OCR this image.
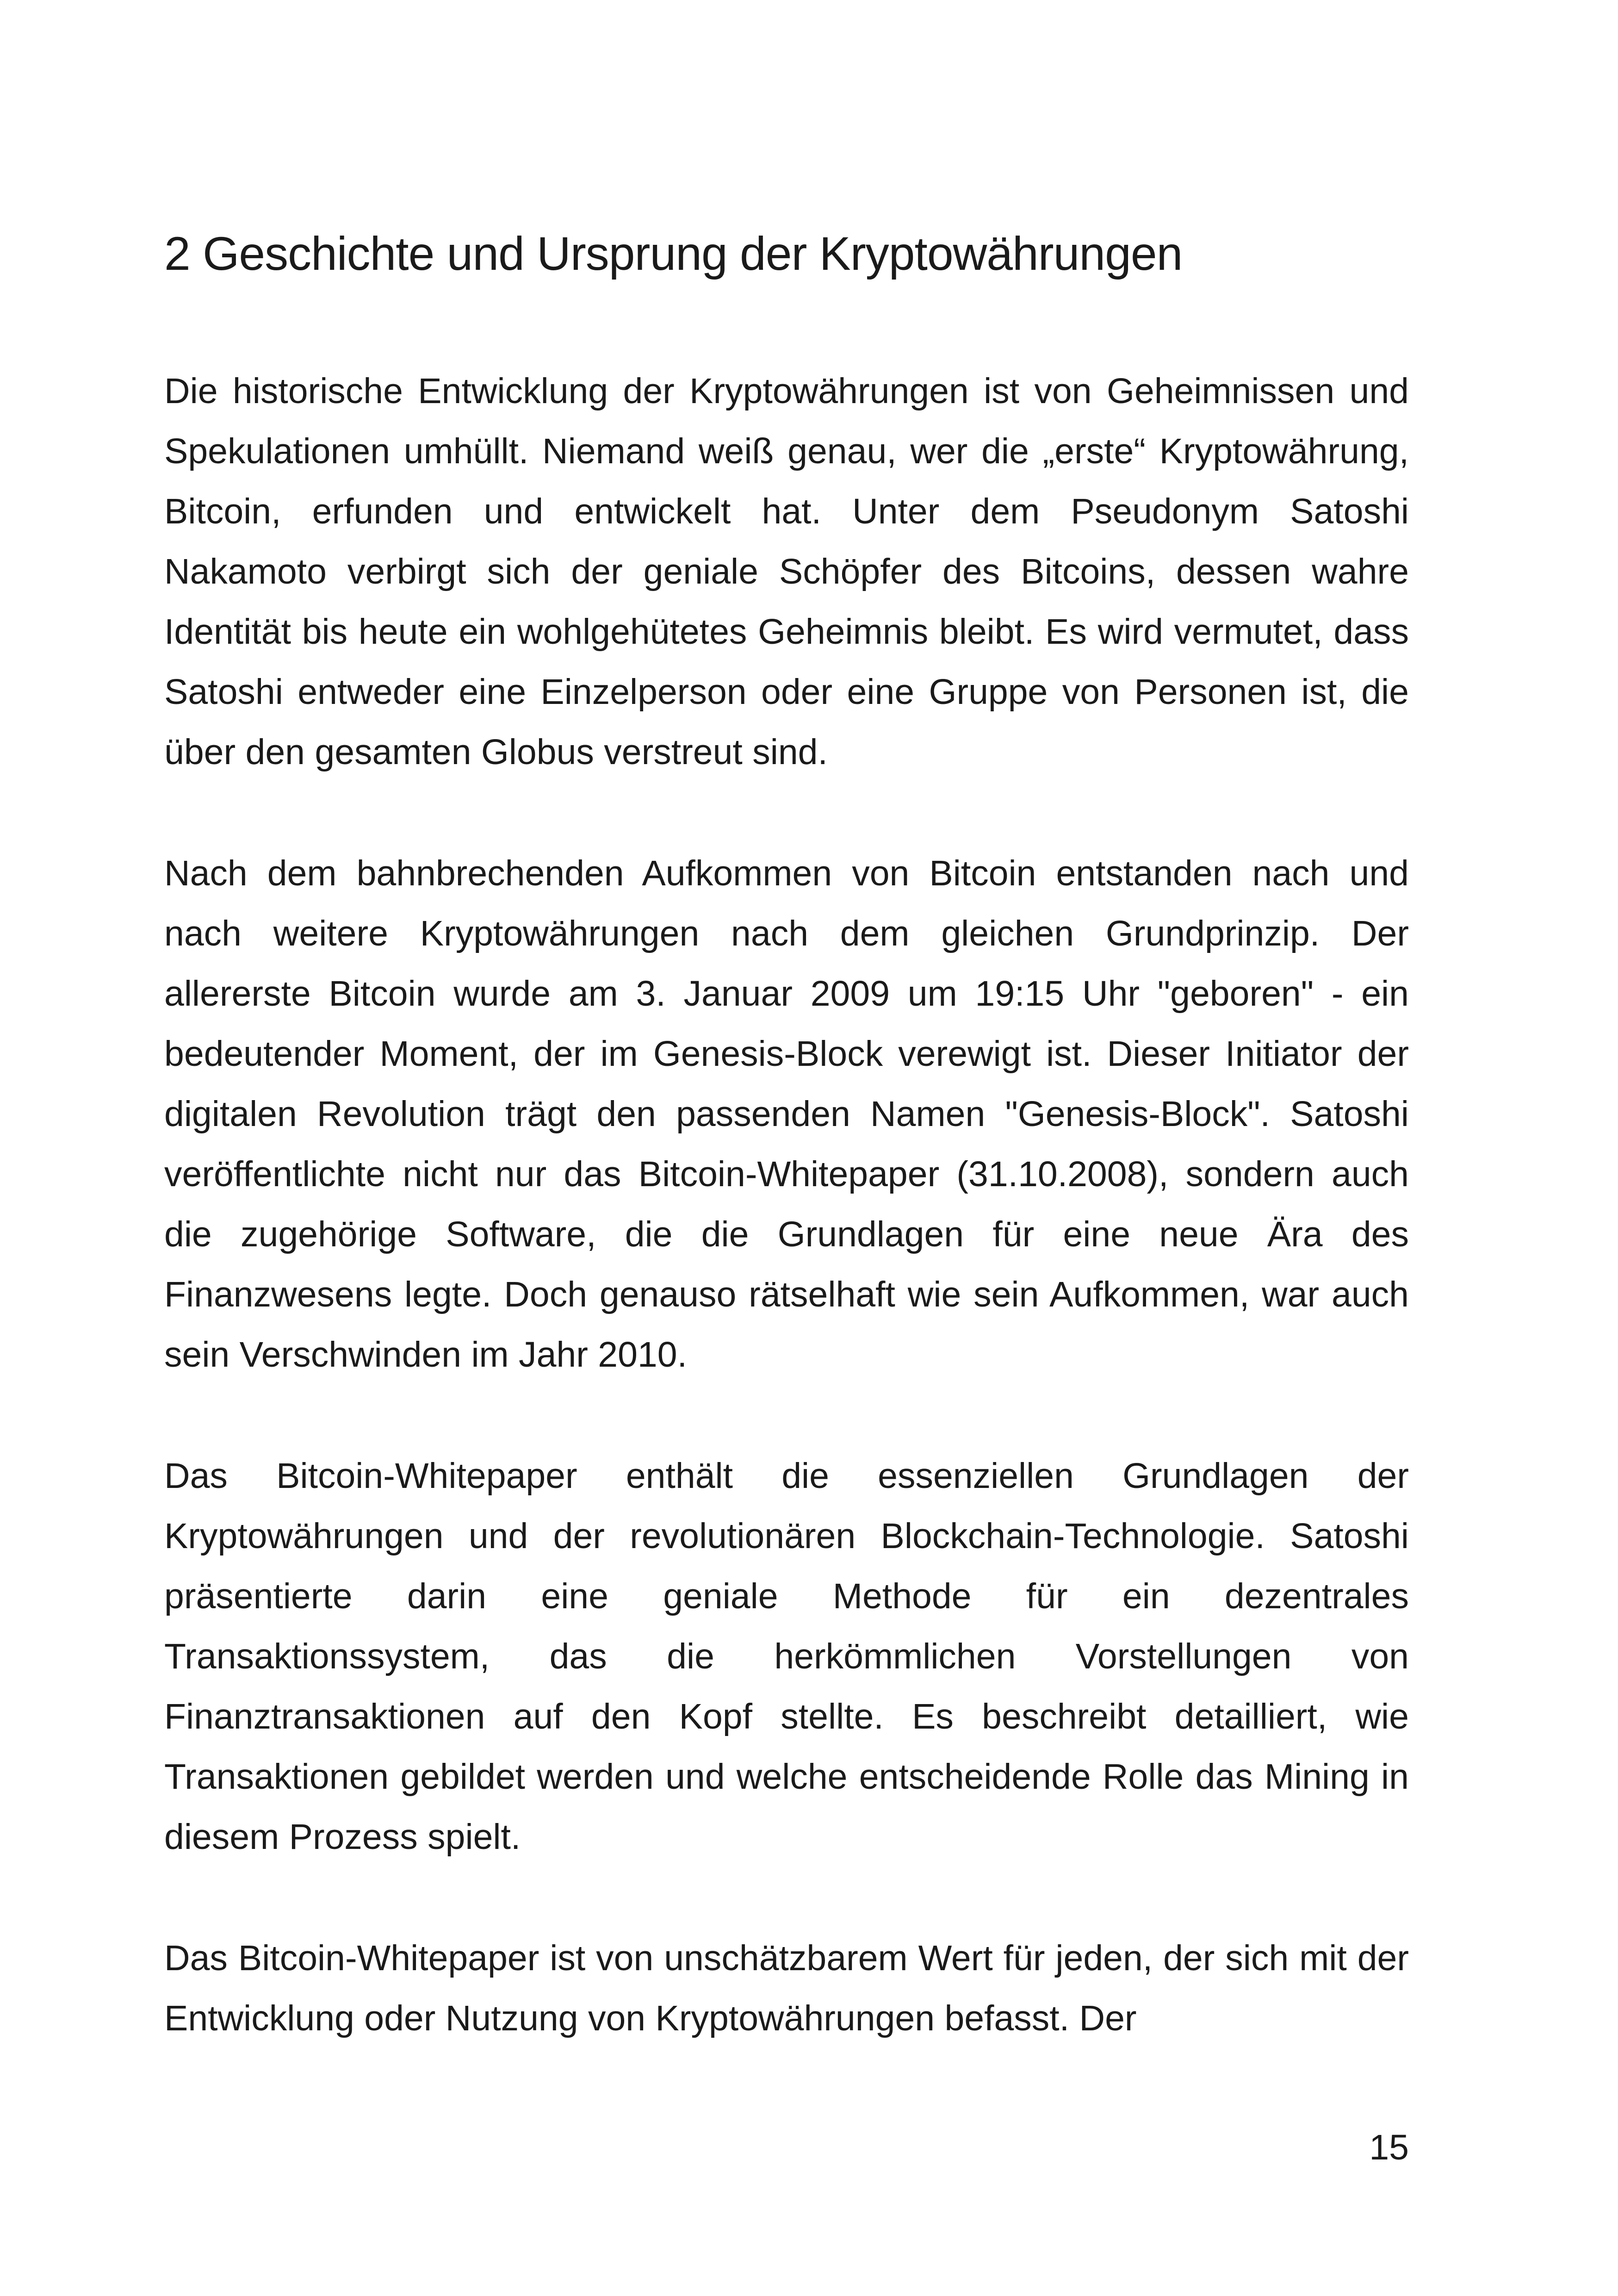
2 Geschichte und Ursprung der Kryptowährungen

Die historische Entwicklung der Kryptowährungen ist von Geheimnissen und Spekulationen umhüllt. Niemand weiß genau, wer die „erste“ Kryptowährung, Bitcoin, erfunden und entwickelt hat. Unter dem Pseudonym Satoshi Nakamoto verbirgt sich der geniale Schöpfer des Bitcoins, dessen wahre Identität bis heute ein wohlgehütetes Geheimnis bleibt. Es wird vermutet, dass Satoshi entweder eine Einzelperson oder eine Gruppe von Personen ist, die über den gesamten Globus verstreut sind.

Nach dem bahnbrechenden Aufkommen von Bitcoin entstanden nach und nach weitere Kryptowährungen nach dem gleichen Grundprinzip. Der allererste Bitcoin wurde am 3. Januar 2009 um 19:15 Uhr "geboren" - ein bedeutender Moment, der im Genesis-Block verewigt ist. Dieser Initiator der digitalen Revolution trägt den passenden Namen "Genesis-Block". Satoshi veröffentlichte nicht nur das Bitcoin-Whitepaper (31.10.2008), sondern auch die zugehörige Software, die die Grundlagen für eine neue Ära des Finanzwesens legte. Doch genauso rätselhaft wie sein Aufkommen, war auch sein Verschwinden im Jahr 2010.

Das Bitcoin-Whitepaper enthält die essenziellen Grundlagen der Kryptowährungen und der revolutionären Blockchain-Technologie. Satoshi präsentierte darin eine geniale Methode für ein dezentrales Transaktionssystem, das die herkömmlichen Vorstellungen von Finanztransaktionen auf den Kopf stellte. Es beschreibt detailliert, wie Transaktionen gebildet werden und welche entscheidende Rolle das Mining in diesem Prozess spielt.

Das Bitcoin-Whitepaper ist von unschätzbarem Wert für jeden, der sich mit der Entwicklung oder Nutzung von Kryptowährungen befasst. Der

15
